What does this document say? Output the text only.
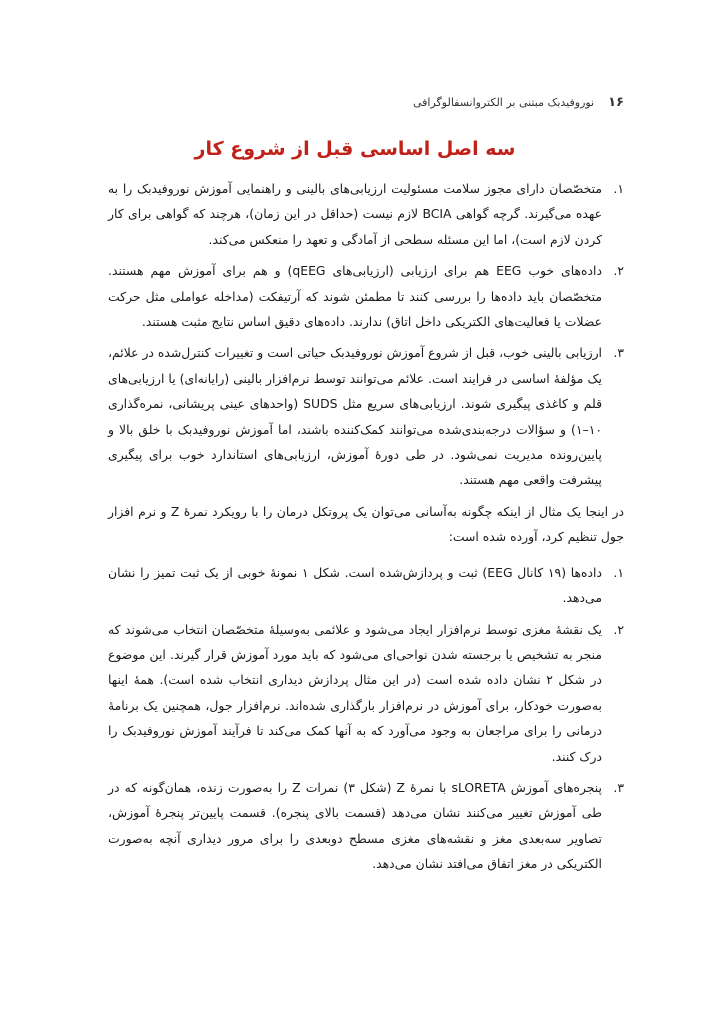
۱۶
نوروفیدبک مبتنی بر الکتروانسفالوگرافی
سه اصل اساسی قبل از شروع کار
۱.
متخصّصان دارای مجوز سلامت مسئولیت ارزیابی‌های بالینی و راهنمایی آموزش نوروفیدبک را به عهده می‌گیرند. گرچه گواهی BCIA لازم نیست (حداقل در این زمان)، هرچند که گواهی برای کار کردن لازم است)، اما این مسئله سطحی از آمادگی و تعهد را منعکس می‌کند.
۲.
داده‌های خوب EEG هم برای ارزیابی (ارزیابی‌های qEEG) و هم برای آموزش مهم هستند. متخصّصان باید داده‌ها را بررسی کنند تا مطمئن شوند که آرتیفکت (مداخله عواملی مثل حرکت عضلات یا فعالیت‌های الکتریکی داخل اتاق) ندارند. داده‌های دقیق اساس نتایج مثبت هستند.
۳.
ارزیابی بالینی خوب، قبل از شروع آموزش نوروفیدبک حیاتی است و تغییرات کنترل‌شده در علائم، یک مؤلفهٔ اساسی در فرایند است. علائم می‌توانند توسط نرم‌افزار بالینی (رایانه‌ای) یا ارزیابی‌های قلم و کاغذی پیگیری شوند. ارزیابی‌های سریع مثل SUDS (واحدهای عینی پریشانی، نمره‌گذاری ۱۰–۱) و سؤالات درجه‌بندی‌شده می‌توانند کمک‌کننده باشند، اما آموزش نوروفیدبک با خلق بالا و پایین‌رونده مدیریت نمی‌شود. در طی دورهٔ آموزش، ارزیابی‌های استاندارد خوب برای پیگیری پیشرفت واقعی مهم هستند.

در اینجا یک مثال از اینکه چگونه به‌آسانی می‌توان یک پروتکل درمان را با رویکرد نمرهٔ Z و نرم افزار جول تنظیم کرد، آورده شده است:

۱.
داده‌ها (۱۹ کانال EEG) ثبت و پردازش‌شده است. شکل ۱ نمونهٔ خوبی از یک ثبت تمیز را نشان می‌دهد.
۲.
یک نقشهٔ مغزی توسط نرم‌افزار ایجاد می‌شود و علائمی به‌وسیلهٔ متخصّصان انتخاب می‌شوند که منجر به تشخیص یا برجسته شدن نواحی‌ای می‌شود که باید مورد آموزش قرار گیرند. این موضوع در شکل ۲ نشان داده شده است (در این مثال پردازش دیداری انتخاب شده است). همهٔ اینها به‌صورت خودکار، برای آموزش در نرم‌افزار بارگذاری شده‌اند. نرم‌افزار جول، همچنین یک برنامهٔ درمانی را برای مراجعان به وجود می‌آورد که به آنها کمک می‌کند تا فرآیند آموزش نوروفیدبک را درک کنند.
۳.
پنجره‌های آموزش sLORETA با نمرهٔ Z (شکل ۳) نمرات Z را به‌صورت زنده، همان‌گونه که در طی آموزش تغییر می‌کنند نشان می‌دهد (قسمت بالای پنجره). قسمت پایین‌تر پنجرهٔ آموزش، تصاویر سه‌بعدی مغز و نقشه‌های مغزی مسطح دوبعدی را برای مرور دیداری آنچه به‌صورت الکتریکی در مغز اتفاق می‌افتد نشان می‌دهد.
